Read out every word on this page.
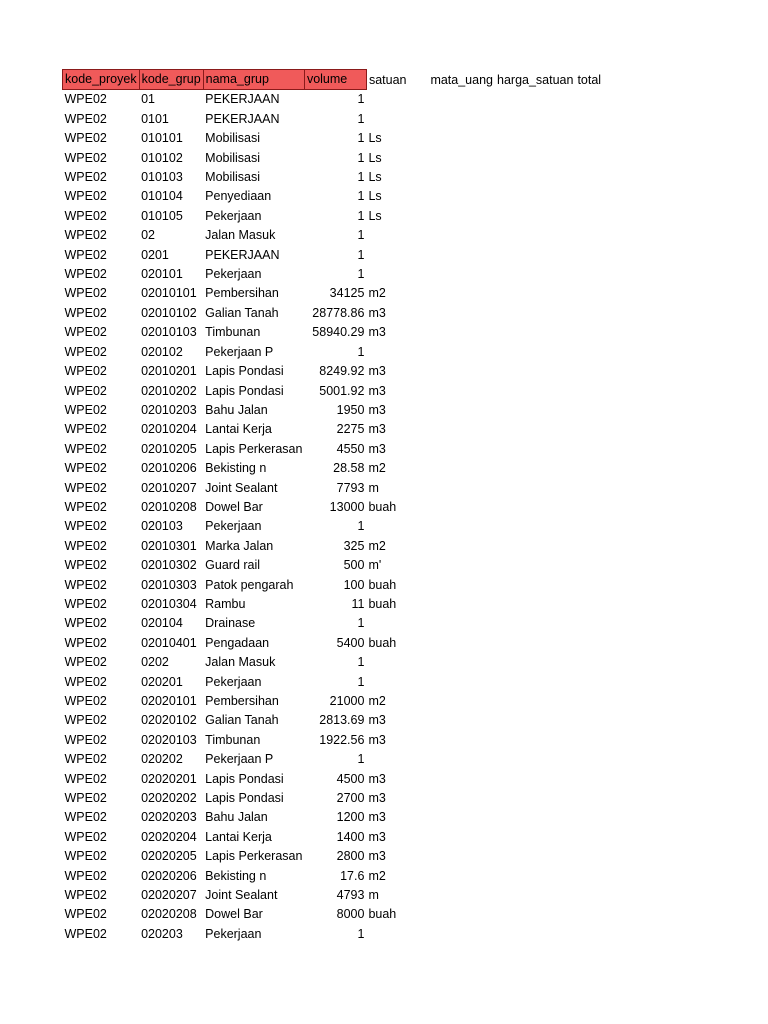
kode_proyek	kode_grup	nama_grup	volume	satuan	mata_uang	harga_satuan	total
WPE02	01	PEKERJAAN	1				
WPE02	0101	PEKERJAAN	1				
WPE02	010101	Mobilisasi	1	Ls			
WPE02	010102	Mobilisasi	1	Ls			
WPE02	010103	Mobilisasi	1	Ls			
WPE02	010104	Penyediaan	1	Ls			
WPE02	010105	Pekerjaan	1	Ls			
WPE02	02	Jalan Masuk	1				
WPE02	0201	PEKERJAAN	1				
WPE02	020101	Pekerjaan	1				
WPE02	02010101	Pembersihan	34125	m2			
WPE02	02010102	Galian Tanah	28778.86	m3			
WPE02	02010103	Timbunan	58940.29	m3			
WPE02	020102	Pekerjaan P	1				
WPE02	02010201	Lapis Pondasi	8249.92	m3			
WPE02	02010202	Lapis Pondasi	5001.92	m3			
WPE02	02010203	Bahu Jalan	1950	m3			
WPE02	02010204	Lantai Kerja	2275	m3			
WPE02	02010205	Lapis Perkerasan	4550	m3			
WPE02	02010206	Bekisting n	28.58	m2			
WPE02	02010207	Joint Sealant	7793	m			
WPE02	02010208	Dowel Bar	13000	buah			
WPE02	020103	Pekerjaan	1				
WPE02	02010301	Marka Jalan	325	m2			
WPE02	02010302	Guard rail	500	m'			
WPE02	02010303	Patok pengarah	100	buah			
WPE02	02010304	Rambu	11	buah			
WPE02	020104	Drainase	1				
WPE02	02010401	Pengadaan	5400	buah			
WPE02	0202	Jalan Masuk	1				
WPE02	020201	Pekerjaan	1				
WPE02	02020101	Pembersihan	21000	m2			
WPE02	02020102	Galian Tanah	2813.69	m3			
WPE02	02020103	Timbunan	1922.56	m3			
WPE02	020202	Pekerjaan P	1				
WPE02	02020201	Lapis Pondasi	4500	m3			
WPE02	02020202	Lapis Pondasi	2700	m3			
WPE02	02020203	Bahu Jalan	1200	m3			
WPE02	02020204	Lantai Kerja	1400	m3			
WPE02	02020205	Lapis Perkerasan	2800	m3			
WPE02	02020206	Bekisting n	17.6	m2			
WPE02	02020207	Joint Sealant	4793	m			
WPE02	02020208	Dowel Bar	8000	buah			
WPE02	020203	Pekerjaan	1				
